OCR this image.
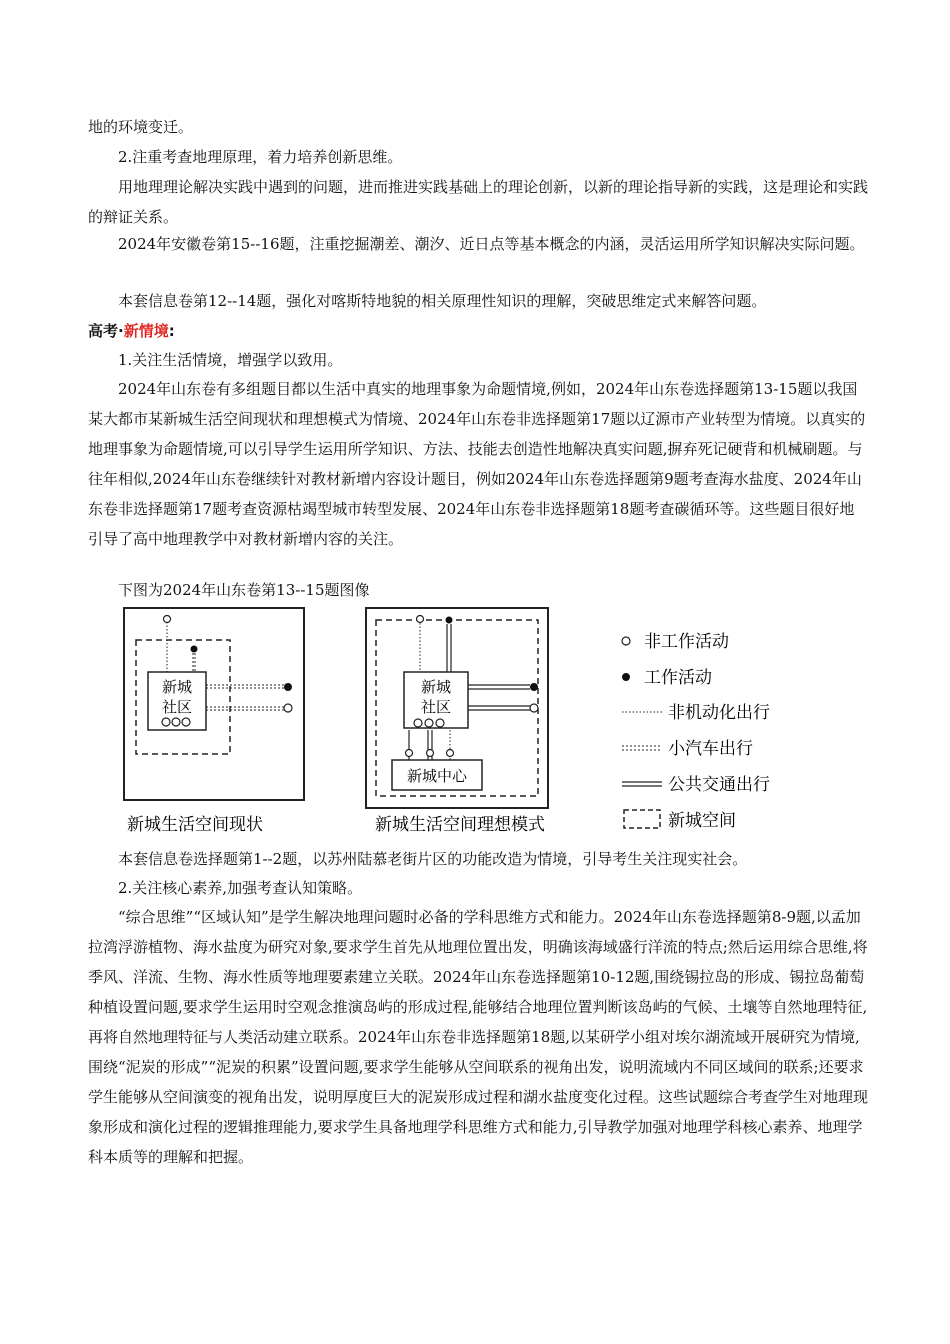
地的环境变迁。

2.注重考查地理原理，着力培养创新思维。

用地理理论解决实践中遇到的问题，进而推进实践基础上的理论创新，以新的理论指导新的实践，这是理论和实践的辩证关系。

2024年安徽卷第15--16题，注重挖掘潮差、潮汐、近日点等基本概念的内涵，灵活运用所学知识解决实际问题。

本套信息卷第12--14题，强化对喀斯特地貌的相关原理性知识的理解，突破思维定式来解答问题。

高考·新情境:

1.关注生活情境，增强学以致用。

2024年山东卷有多组题目都以生活中真实的地理事象为命题情境,例如，2024年山东卷选择题第13-15题以我国某大都市某新城生活空间现状和理想模式为情境、2024年山东卷非选择题第17题以辽源市产业转型为情境。以真实的地理事象为命题情境,可以引导学生运用所学知识、方法、技能去创造性地解决真实问题,摒弃死记硬背和机械刷题。与往年相似,2024年山东卷继续针对教材新增内容设计题目，例如2024年山东卷选择题第9题考查海水盐度、2024年山东卷非选择题第17题考查资源枯竭型城市转型发展、2024年山东卷非选择题第18题考查碳循环等。这些题目很好地引导了高中地理教学中对教材新增内容的关注。

下图为2024年山东卷第13--15题图像

新城
社区
新城生活空间现状
新城
社区
新城中心
新城生活空间理想模式
非工作活动
工作活动
非机动化出行
小汽车出行
公共交通出行
新城空间

本套信息卷选择题第1--2题，以苏州陆慕老街片区的功能改造为情境，引导考生关注现实社会。

2.关注核心素养,加强考查认知策略。

“综合思维”“区域认知”是学生解决地理问题时必备的学科思维方式和能力。2024年山东卷选择题第8-9题,以孟加拉湾浮游植物、海水盐度为研究对象,要求学生首先从地理位置出发，明确该海域盛行洋流的特点;然后运用综合思维,将季风、洋流、生物、海水性质等地理要素建立关联。2024年山东卷选择题第10-12题,围绕锡拉岛的形成、锡拉岛葡萄种植设置问题,要求学生运用时空观念推演岛屿的形成过程,能够结合地理位置判断该岛屿的气候、土壤等自然地理特征,再将自然地理特征与人类活动建立联系。2024年山东卷非选择题第18题,以某研学小组对埃尔湖流域开展研究为情境,围绕“泥炭的形成”“泥炭的积累”设置问题,要求学生能够从空间联系的视角出发，说明流域内不同区域间的联系;还要求学生能够从空间演变的视角出发，说明厚度巨大的泥炭形成过程和湖水盐度变化过程。这些试题综合考查学生对地理现象形成和演化过程的逻辑推理能力,要求学生具备地理学科思维方式和能力,引导教学加强对地理学科核心素养、地理学科本质等的理解和把握。
